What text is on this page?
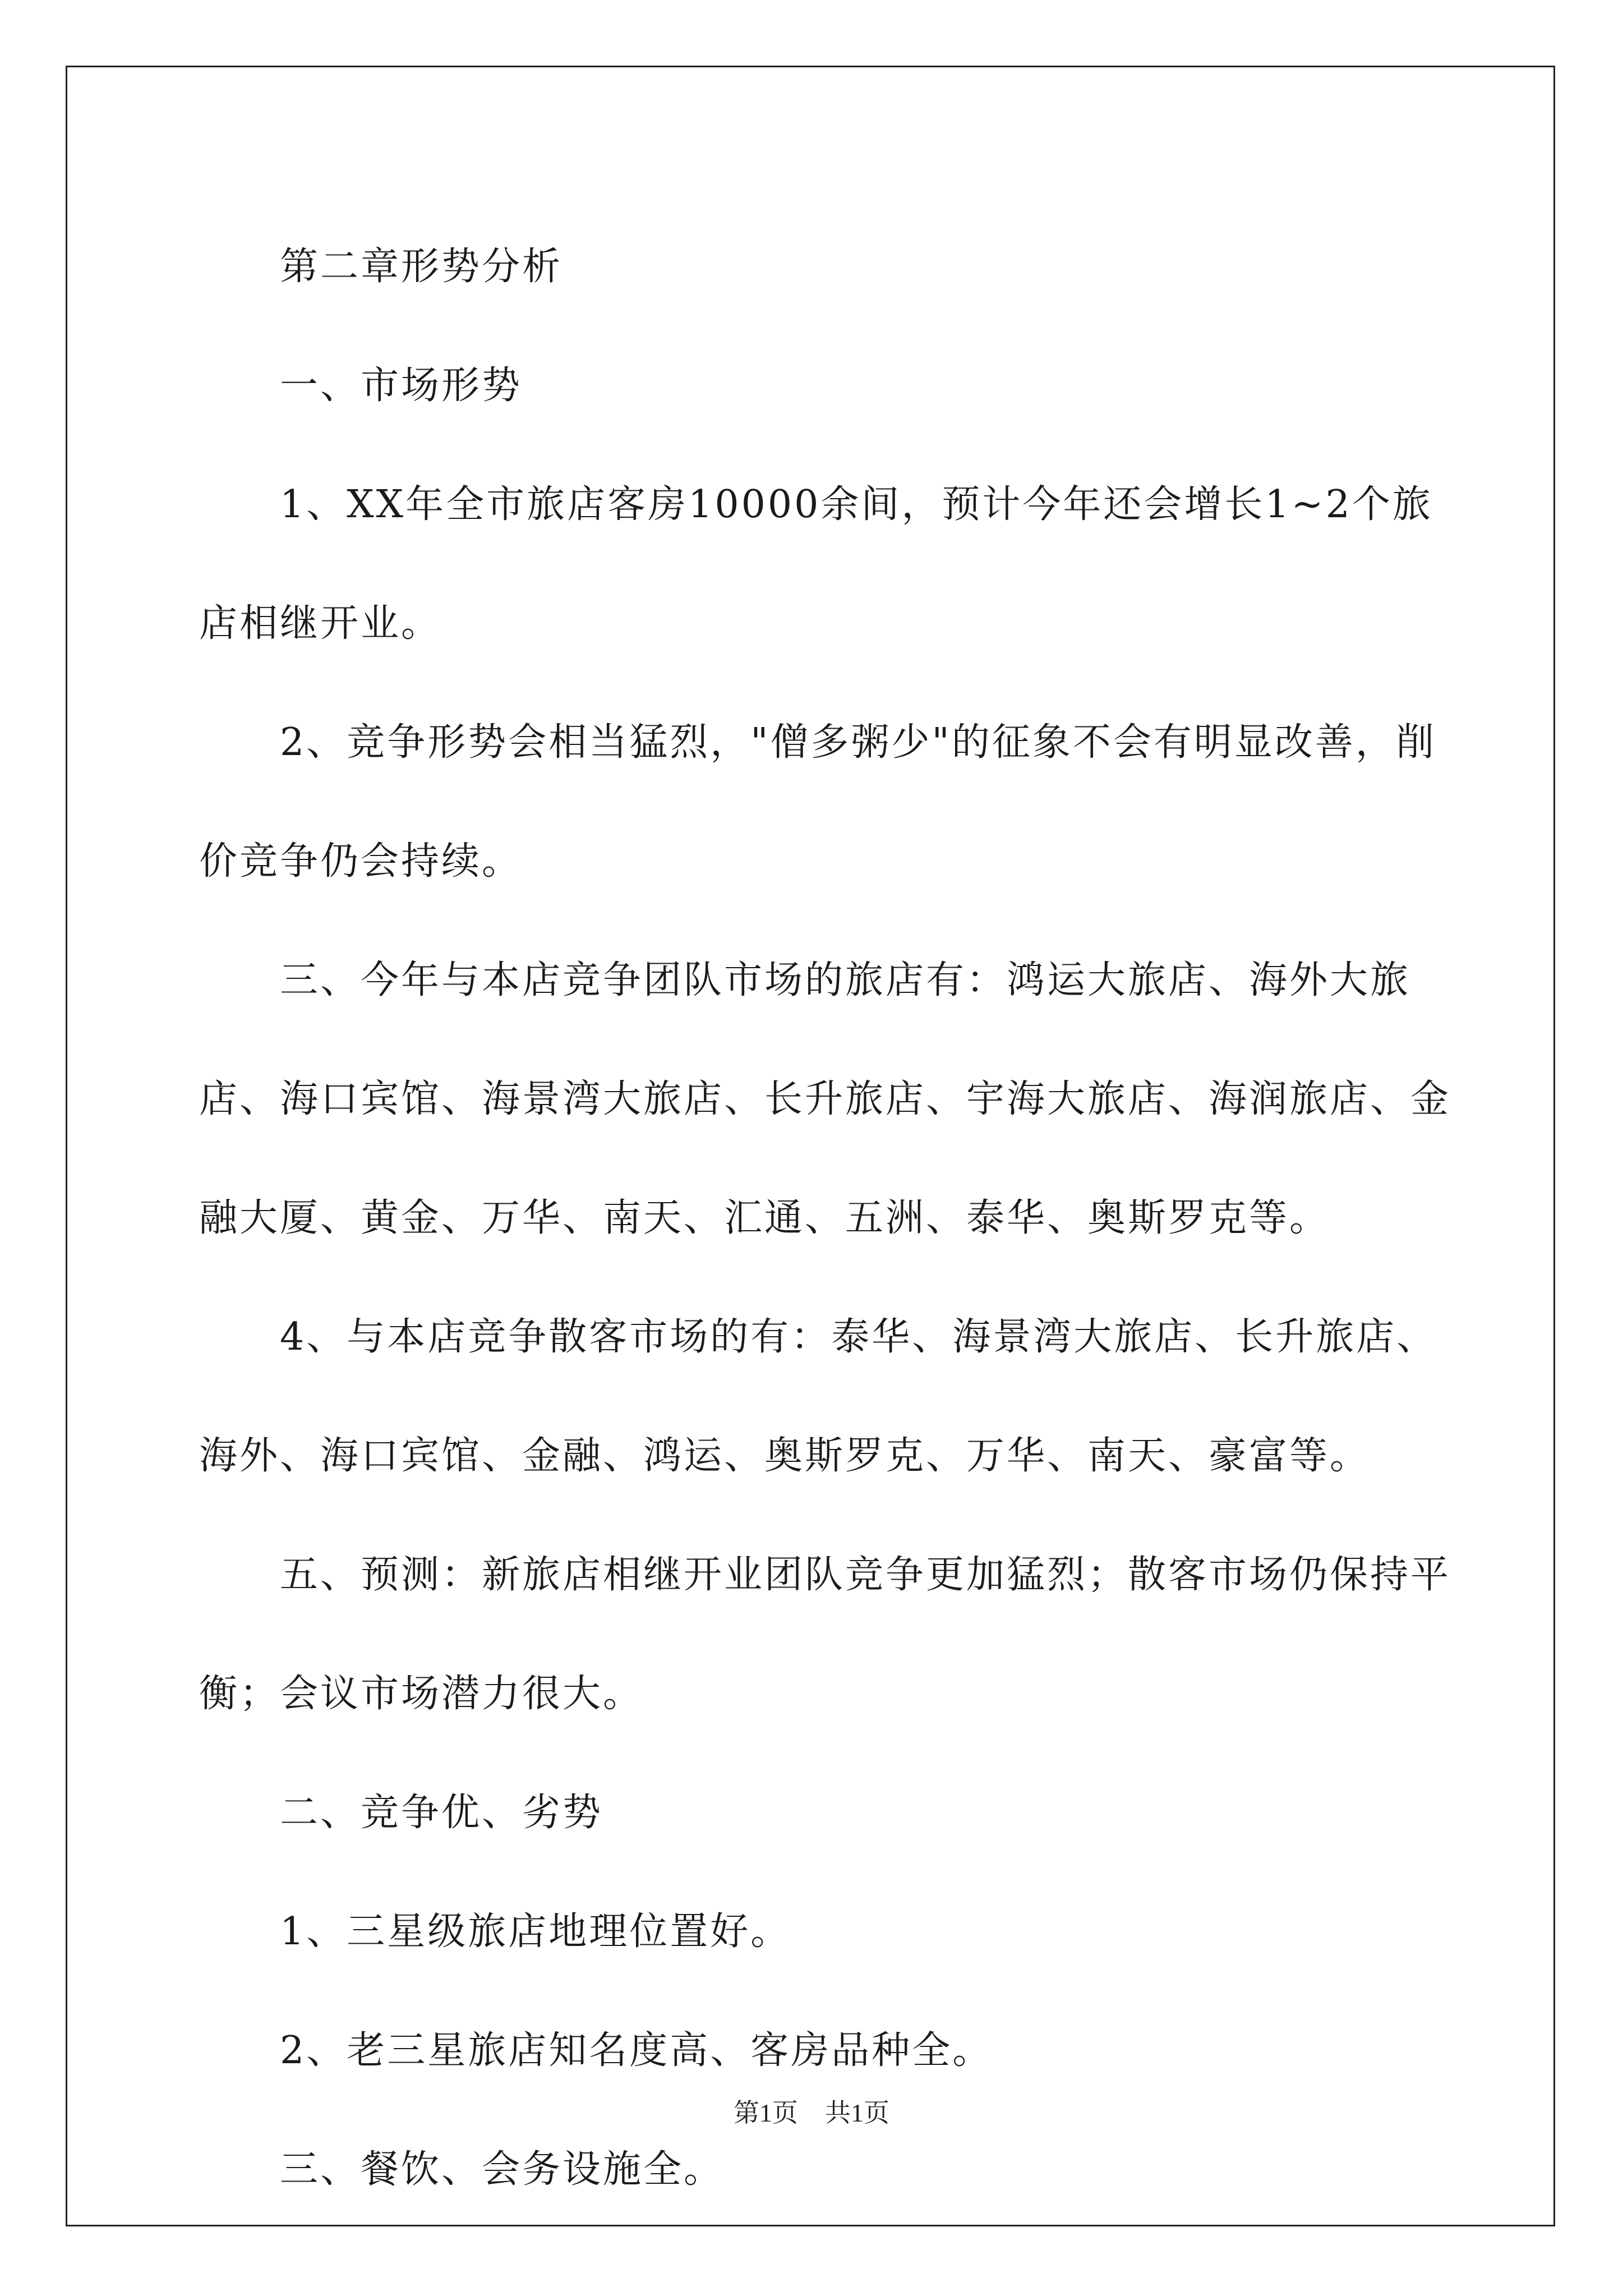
第二章形势分析

一、市场形势

1、XX年全市旅店客房10000余间，预计今年还会增长1~2个旅店相继开业。

2、竞争形势会相当猛烈，"僧多粥少"的征象不会有明显改善，削价竞争仍会持续。

三、今年与本店竞争团队市场的旅店有：鸿运大旅店、海外大旅店、海口宾馆、海景湾大旅店、长升旅店、宇海大旅店、海润旅店、金融大厦、黄金、万华、南天、汇通、五洲、泰华、奥斯罗克等。

4、与本店竞争散客市场的有：泰华、海景湾大旅店、长升旅店、海外、海口宾馆、金融、鸿运、奥斯罗克、万华、南天、豪富等。

五、预测：新旅店相继开业团队竞争更加猛烈；散客市场仍保持平衡；会议市场潜力很大。

二、竞争优、劣势

1、三星级旅店地理位置好。

2、老三星旅店知名度高、客房品种全。

三、餐饮、会务设施全。

第1页 共1页
